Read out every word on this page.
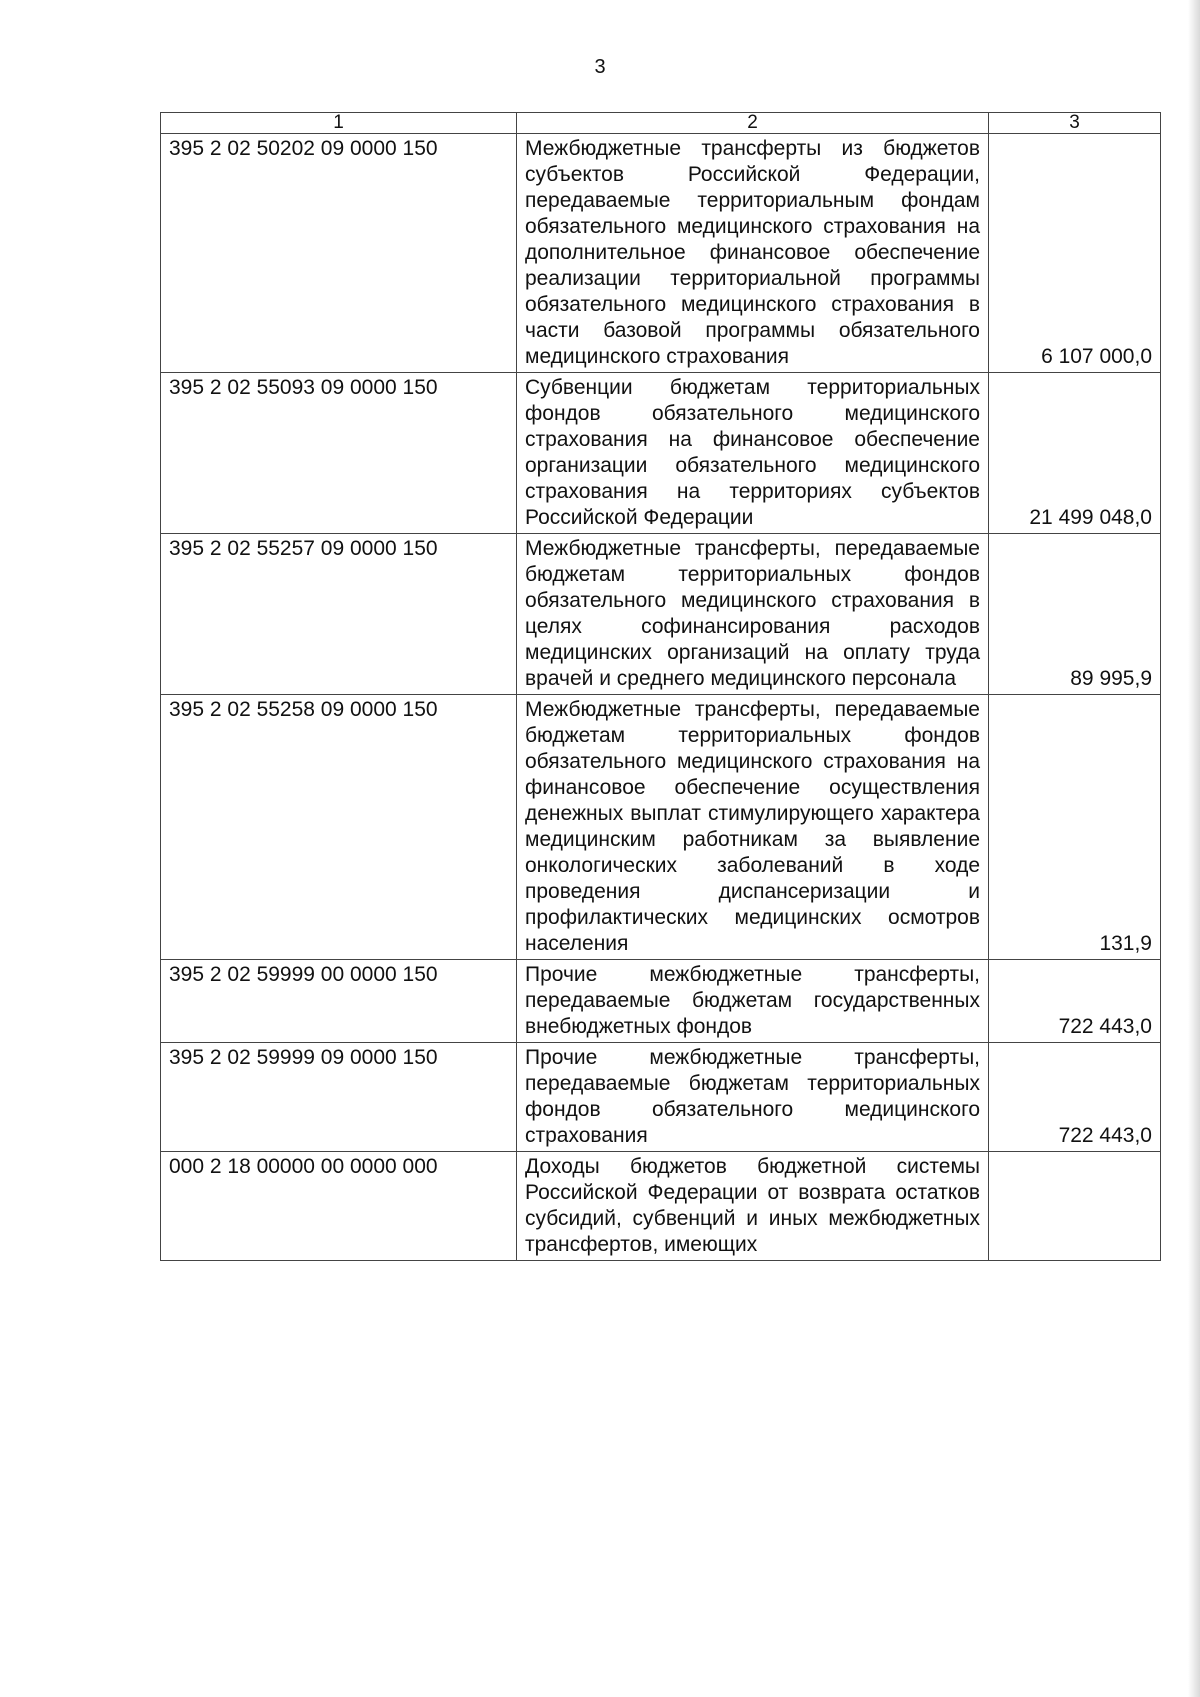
3
1	2	3
395 2 02 50202 09 0000 150	Межбюджетные трансферты из бюджетов субъектов Российской Федерации, передаваемые территориальным фондам обязательного медицинского страхования на дополнительное финансовое обеспечение реализации территориальной программы обязательного медицинского страхования в части базовой программы обязательного медицинского страхования	6 107 000,0
395 2 02 55093 09 0000 150	Субвенции бюджетам территориальных фондов обязательного медицинского страхования на финансовое обеспечение организации обязательного медицинского страхования на территориях субъектов Российской Федерации	21 499 048,0
395 2 02 55257 09 0000 150	Межбюджетные трансферты, передаваемые бюджетам территориальных фондов обязательного медицинского страхования в целях софинансирования расходов медицинских организаций на оплату труда врачей и среднего медицинского персонала	89 995,9
395 2 02 55258 09 0000 150	Межбюджетные трансферты, передаваемые бюджетам территориальных фондов обязательного медицинского страхования на финансовое обеспечение осуществления денежных выплат стимулирующего характера медицинским работникам за выявление онкологических заболеваний в ходе проведения диспансеризации и профилактических медицинских осмотров населения	131,9
395 2 02 59999 00 0000 150	Прочие межбюджетные трансферты, передаваемые бюджетам государственных внебюджетных фондов	722 443,0
395 2 02 59999 09 0000 150	Прочие межбюджетные трансферты, передаваемые бюджетам территориальных фондов обязательного медицинского страхования	722 443,0
000 2 18 00000 00 0000 000	Доходы бюджетов бюджетной системы Российской Федерации от возврата остатков субсидий, субвенций и иных межбюджетных трансфертов, имеющих	
